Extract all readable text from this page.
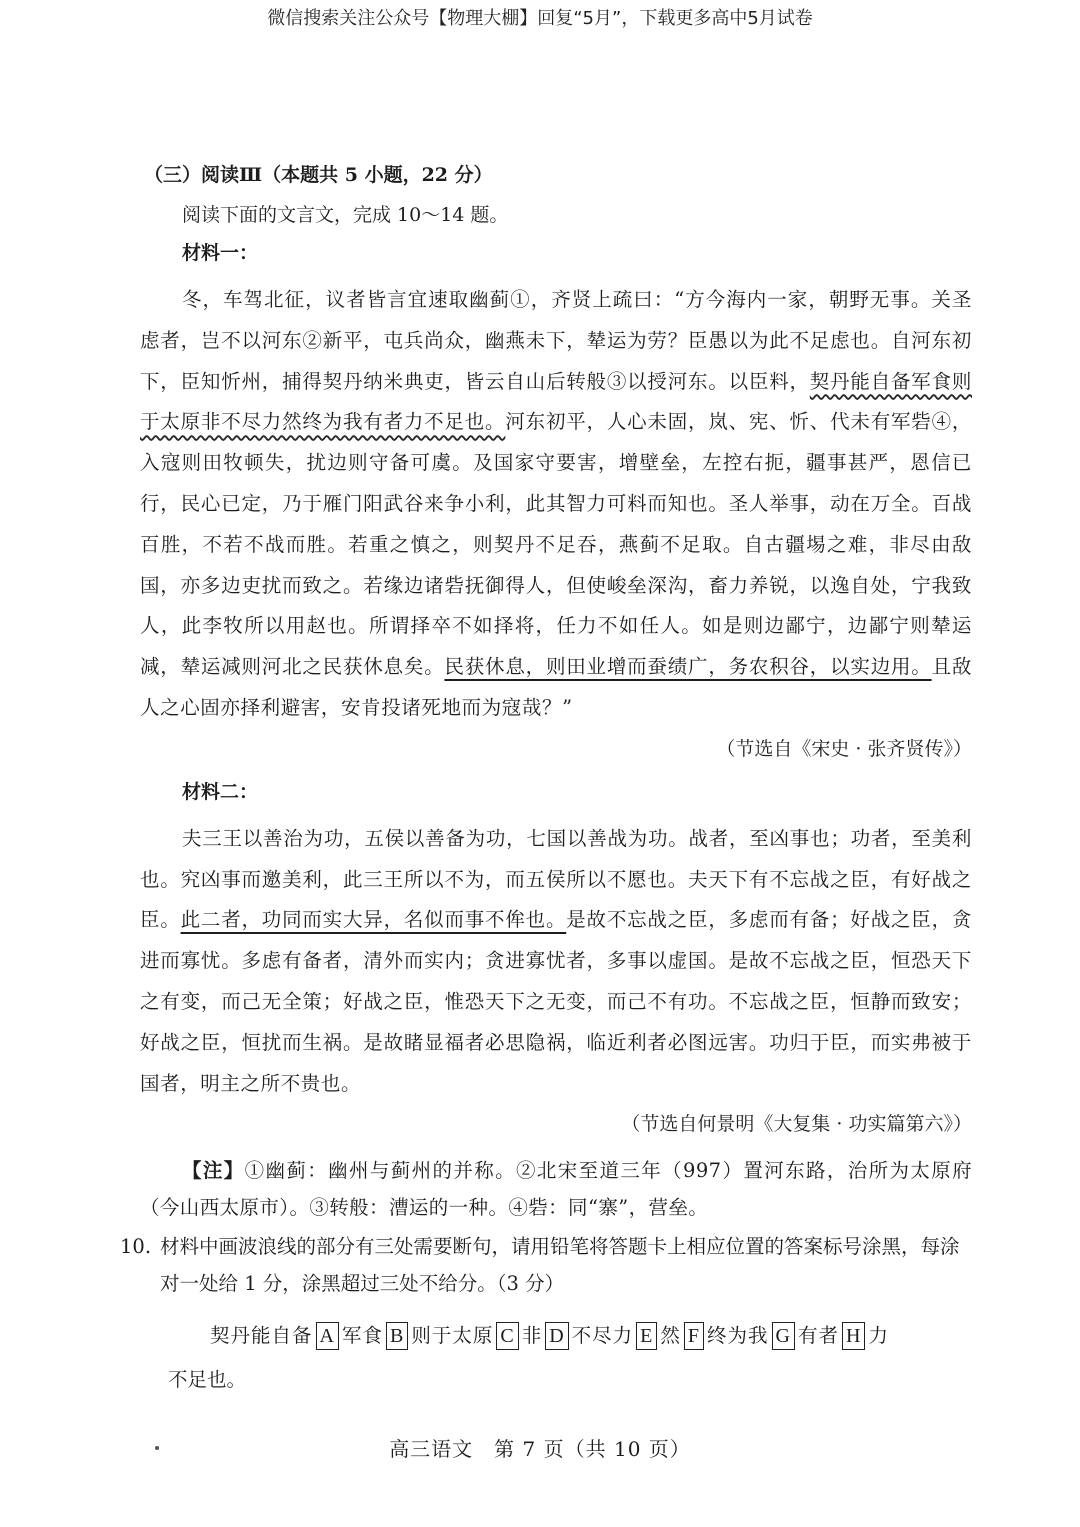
微信搜索关注公众号【物理大棚】回复“5月”，下载更多高中5月试卷
（三）阅读Ⅲ（本题共 5 小题，22 分）

阅读下面的文言文，完成 10～14 题。

材料一：

冬，车驾北征，议者皆言宜速取幽蓟①，齐贤上疏曰：“方今海内一家，朝野无事。关圣虑者，岂不以河东②新平，屯兵尚众，幽燕未下，辇运为劳？臣愚以为此不足虑也。自河东初下，臣知忻州，捕得契丹纳米典吏，皆云自山后转般③以授河东。以臣料，契丹能自备军食则于太原非不尽力然终为我有者力不足也。河东初平，人心未固，岚、宪、忻、代未有军砦④，入寇则田牧顿失，扰边则守备可虞。及国家守要害，增壁垒，左控右扼，疆事甚严，恩信已行，民心已定，乃于雁门阳武谷来争小利，此其智力可料而知也。圣人举事，动在万全。百战百胜，不若不战而胜。若重之慎之，则契丹不足吞，燕蓟不足取。自古疆埸之难，非尽由敌国，亦多边吏扰而致之。若缘边诸砦抚御得人，但使峻垒深沟，畜力养锐，以逸自处，宁我致人，此李牧所以用赵也。所谓择卒不如择将，任力不如任人。如是则边鄙宁，边鄙宁则辇运减，辇运减则河北之民获休息矣。民获休息，则田业增而蚕绩广，务农积谷，以实边用。且敌人之心固亦择利避害，安肯投诸死地而为寇哉？”

（节选自《宋史 · 张齐贤传》）
材料二：

夫三王以善治为功，五侯以善备为功，七国以善战为功。战者，至凶事也；功者，至美利也。究凶事而邀美利，此三王所以不为，而五侯所以不愿也。夫天下有不忘战之臣，有好战之臣。此二者，功同而实大异，名似而事不侔也。是故不忘战之臣，多虑而有备；好战之臣，贪进而寡忧。多虑有备者，清外而实内；贪进寡忧者，多事以虚国。是故不忘战之臣，恒恐天下之有变，而己无全策；好战之臣，惟恐天下之无变，而己不有功。不忘战之臣，恒静而致安；好战之臣，恒扰而生祸。是故睹显福者必思隐祸，临近利者必图远害。功归于臣，而实弗被于国者，明主之所不贵也。

（节选自何景明《大复集 · 功实篇第六》）

【注】①幽蓟：幽州与蓟州的并称。②北宋至道三年（997）置河东路，治所为太原府（今山西太原市）。③转般：漕运的一种。④砦：同“寨”，营垒。

10. 材料中画波浪线的部分有三处需要断句，请用铅笔将答题卡上相应位置的答案标号涂黑，每涂对一处给 1 分，涂黑超过三处不给分。（3 分）

契丹能自备 A 军食 B 则于太原 C 非 D 不尽力 E 然 F 终为我 G 有者 H 力
不足也。
高三语文　第 7 页（共 10 页）
